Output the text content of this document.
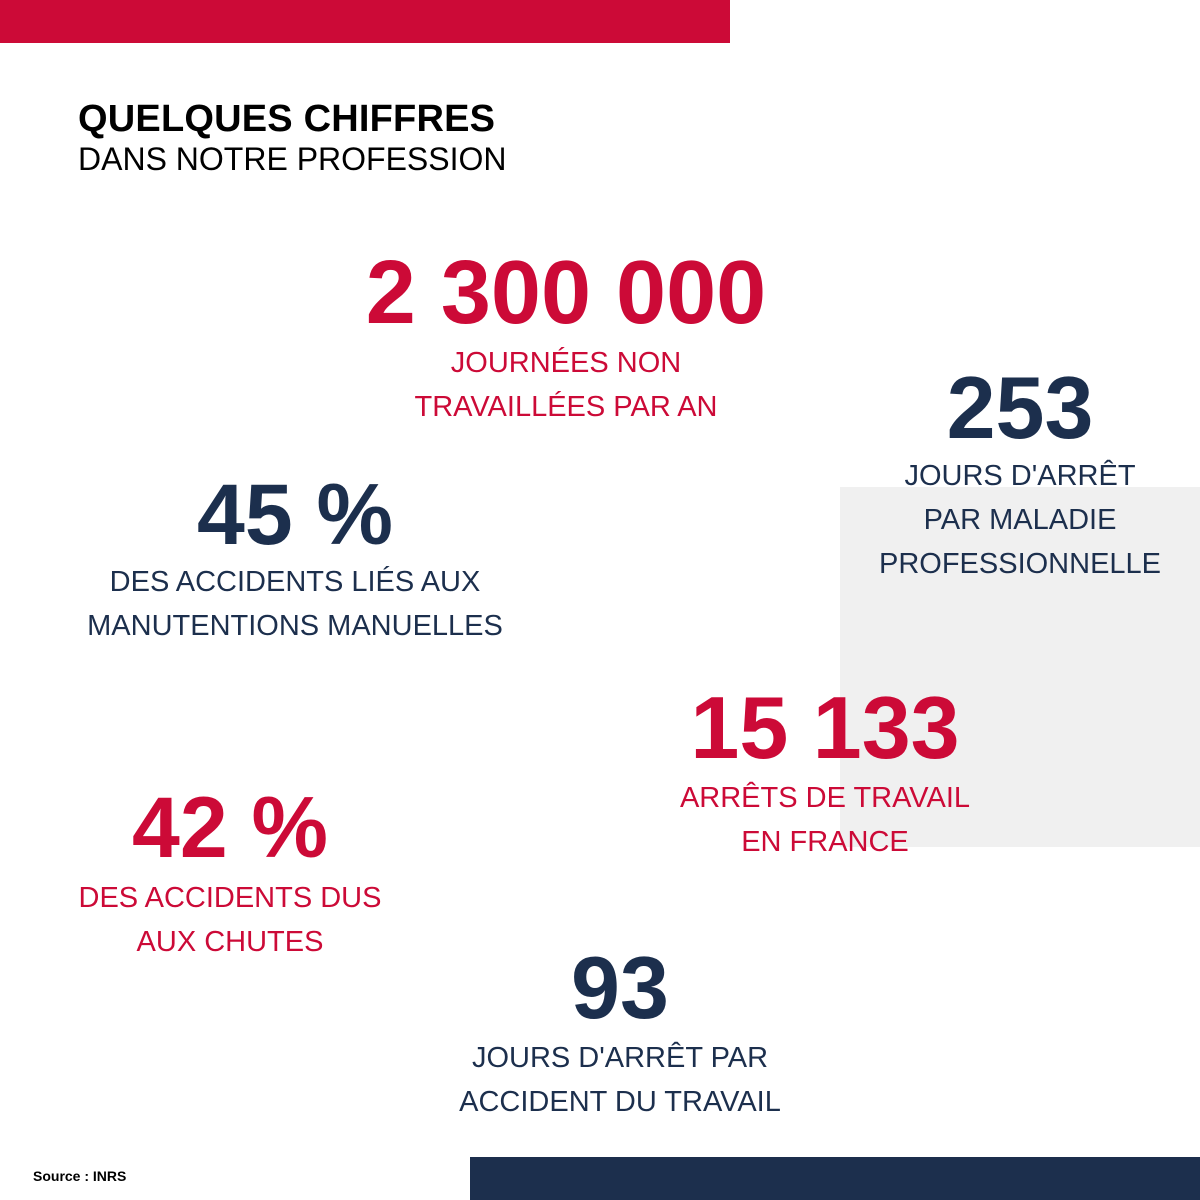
QUELQUES CHIFFRES
DANS NOTRE PROFESSION
2 300 000
JOURNÉES NON
TRAVAILLÉES PAR AN	253
JOURS D'ARRÊT
PAR MALADIE
PROFESSIONNELLE
45 %
DES ACCIDENTS LIÉS AUX
MANUTENTIONS MANUELLES
15 133
ARRÊTS DE TRAVAIL
EN FRANCE
42 %
DES ACCIDENTS DUS
AUX CHUTES	93
JOURS D'ARRÊT PAR
ACCIDENT DU TRAVAIL
Source : INRS
